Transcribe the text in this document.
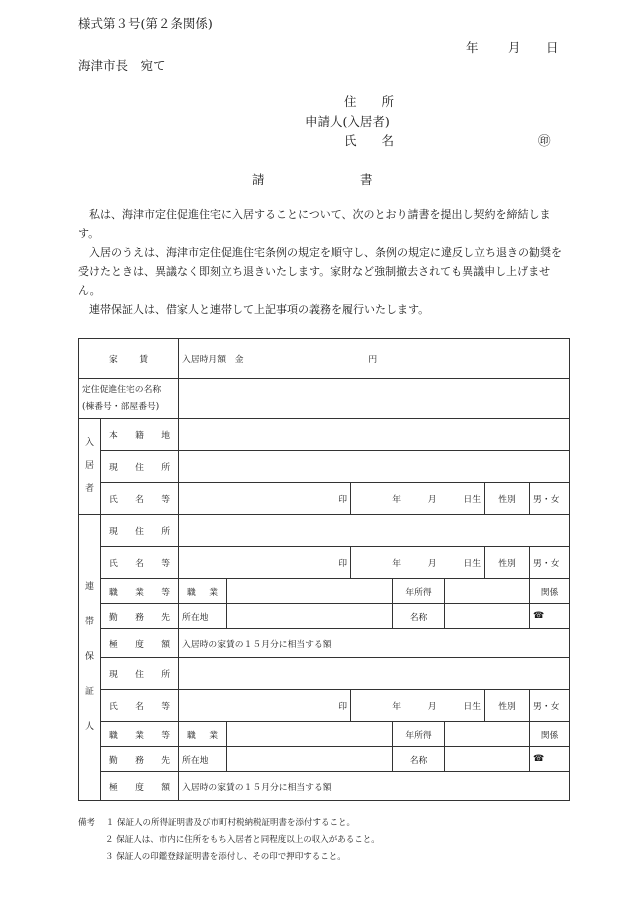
様式第３号(第２条関係)
年 月 日
海津市長　宛て
住　　所
申請人(入居者)
氏　　名	㊞
請　　　　　　　書

私は、海津市定住促進住宅に入居することについて、次のとおり請書を提出し契約を締結します。

入居のうえは、海津市定住促進住宅条例の規定を順守し、条例の規定に違反し立ち退きの勧奨を受けたときは、異議なく即刻立ち退きいたします。家財など強制撤去されても異議申し上げません。

連帯保証人は、借家人と連帯して上記事項の義務を履行いたします。

家　　賃		入居時月額　金 円							

定住促進住宅の名称
(棟番号・部屋番号)									

入
居
者	本　籍　地								
	現　住　所								
	氏　名　等	印		年 月 日生			性別	男・女	

連
帯
保
証
人	現　住　所								
	氏　名　等	印		年 月 日生			性別	男・女	
	職　業　等	職　業			年所得			関係	
	勤　務　先	所在地			名称			☎	
	極　度　額	入居時の家賃の１５月分に相当する額							
	現　住　所								
	氏　名　等	印		年 月 日生			性別	男・女	
	職　業　等	職　業			年所得			関係	
	勤　務　先	所在地			名称			☎	
	極　度　額	入居時の家賃の１５月分に相当する額							
備考 １ 保証人の所得証明書及び市町村税納税証明書を添付すること。
２ 保証人は、市内に住所をもち入居者と同程度以上の収入があること。
３ 保証人の印鑑登録証明書を添付し、その印で押印すること。
